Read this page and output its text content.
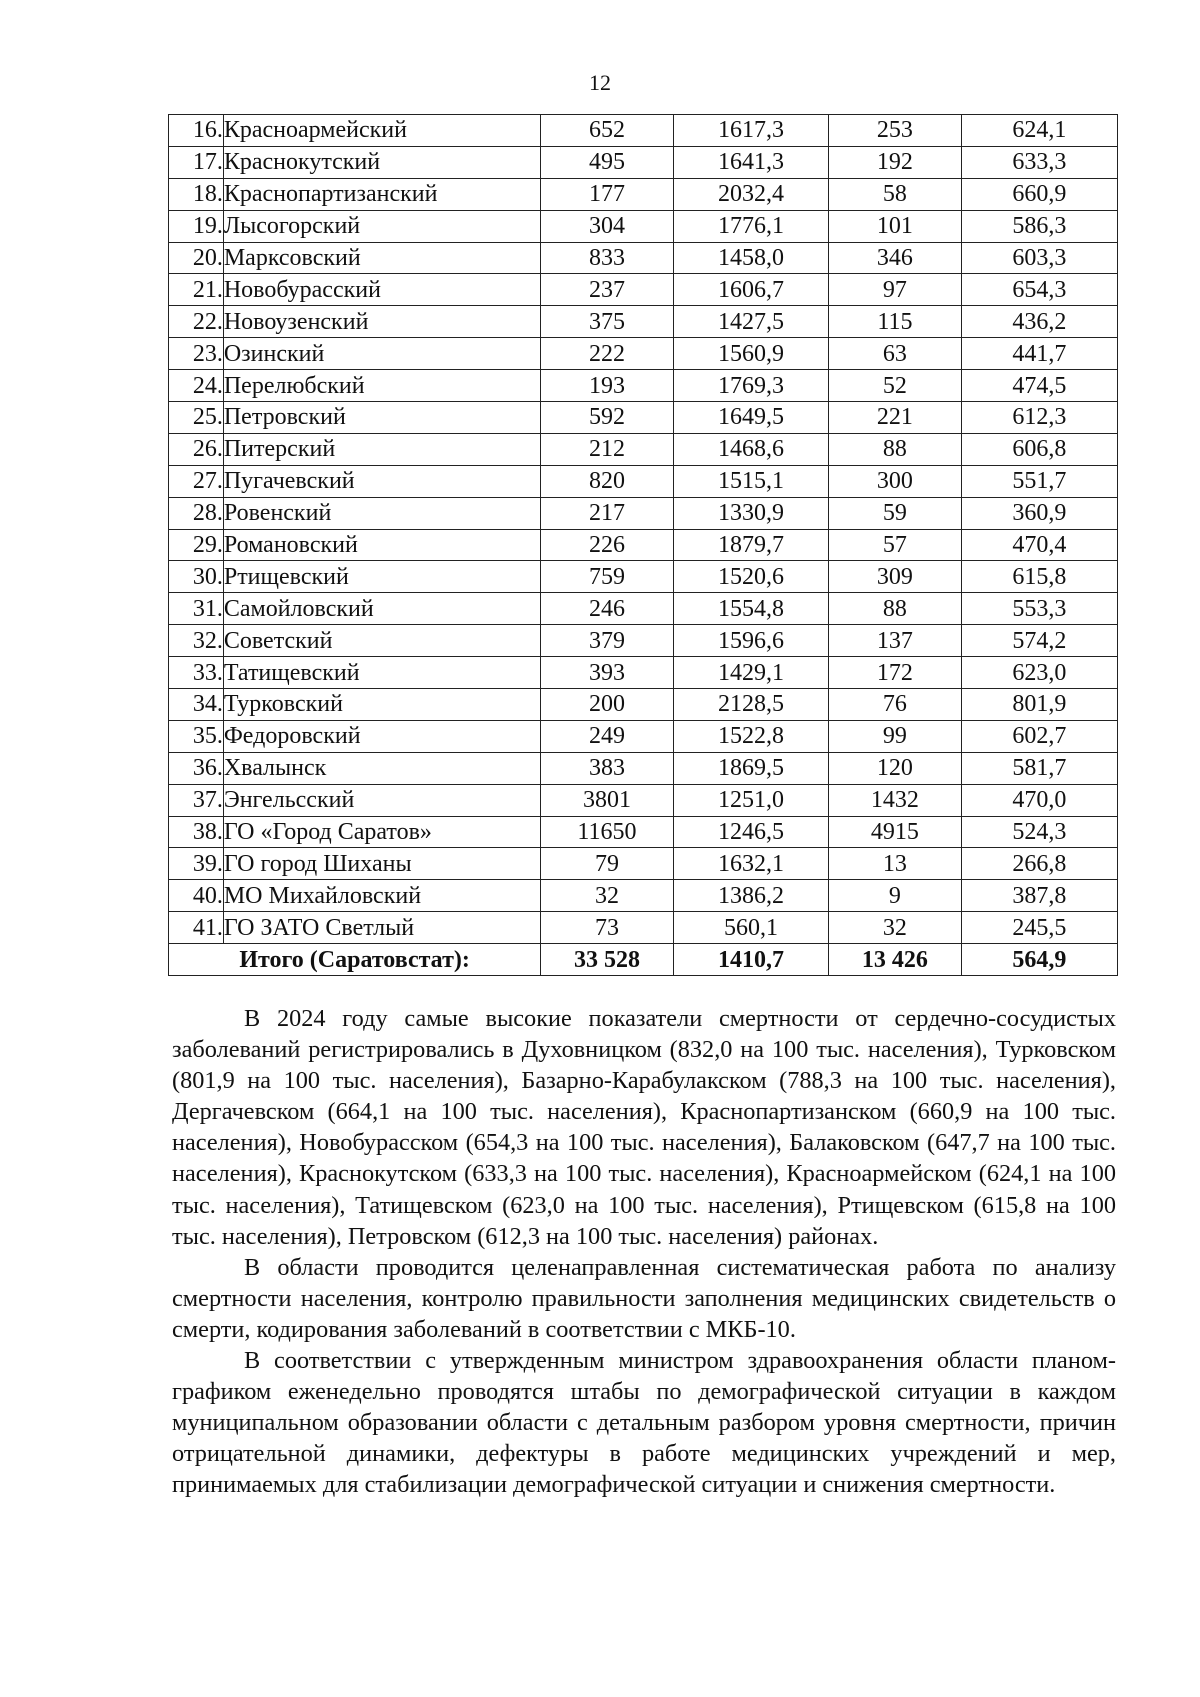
12
16.	Красноармейский	652	1617,3	253	624,1
17.	Краснокутский	495	1641,3	192	633,3
18.	Краснопартизанский	177	2032,4	58	660,9
19.	Лысогорский	304	1776,1	101	586,3
20.	Марксовский	833	1458,0	346	603,3
21.	Новобурасский	237	1606,7	97	654,3
22.	Новоузенский	375	1427,5	115	436,2
23.	Озинский	222	1560,9	63	441,7
24.	Перелюбский	193	1769,3	52	474,5
25.	Петровский	592	1649,5	221	612,3
26.	Питерский	212	1468,6	88	606,8
27.	Пугачевский	820	1515,1	300	551,7
28.	Ровенский	217	1330,9	59	360,9
29.	Романовский	226	1879,7	57	470,4
30.	Ртищевский	759	1520,6	309	615,8
31.	Самойловский	246	1554,8	88	553,3
32.	Советский	379	1596,6	137	574,2
33.	Татищевский	393	1429,1	172	623,0
34.	Турковский	200	2128,5	76	801,9
35.	Федоровский	249	1522,8	99	602,7
36.	Хвалынск	383	1869,5	120	581,7
37.	Энгельсский	3801	1251,0	1432	470,0
38.	ГО «Город Саратов»	11650	1246,5	4915	524,3
39.	ГО город Шиханы	79	1632,1	13	266,8
40.	МО Михайловский	32	1386,2	9	387,8
41.	ГО ЗАТО Светлый	73	560,1	32	245,5
Итого (Саратовстат):		33 528	1410,7	13 426	564,9

В 2024 году самые высокие показатели смертности от сердечно-сосудистых заболеваний регистрировались в Духовницком (832,0 на 100 тыс. населения), Турковском (801,9 на 100 тыс. населения), Базарно-Карабулакском (788,3 на 100 тыс. населения), Дергачевском (664,1 на 100 тыс. населения), Краснопартизанском (660,9 на 100 тыс. населения), Новобурасском (654,3 на 100 тыс. населения), Балаковском (647,7 на 100 тыс. населения), Краснокутском (633,3 на 100 тыс. населения), Красноармейском (624,1 на 100 тыс. населения), Татищевском (623,0 на 100 тыс. населения), Ртищевском (615,8 на 100 тыс. населения), Петровском (612,3 на 100 тыс. населения) районах.

В области проводится целенаправленная систематическая работа по анализу смертности населения, контролю правильности заполнения медицинских свидетельств о смерти, кодирования заболеваний в соответствии с МКБ-10.

В соответствии с утвержденным министром здравоохранения области планом-графиком еженедельно проводятся штабы по демографической ситуации в каждом муниципальном образовании области с детальным разбором уровня смертности, причин отрицательной динамики, дефектуры в работе медицинских учреждений и мер, принимаемых для стабилизации демографической ситуации и снижения смертности.
